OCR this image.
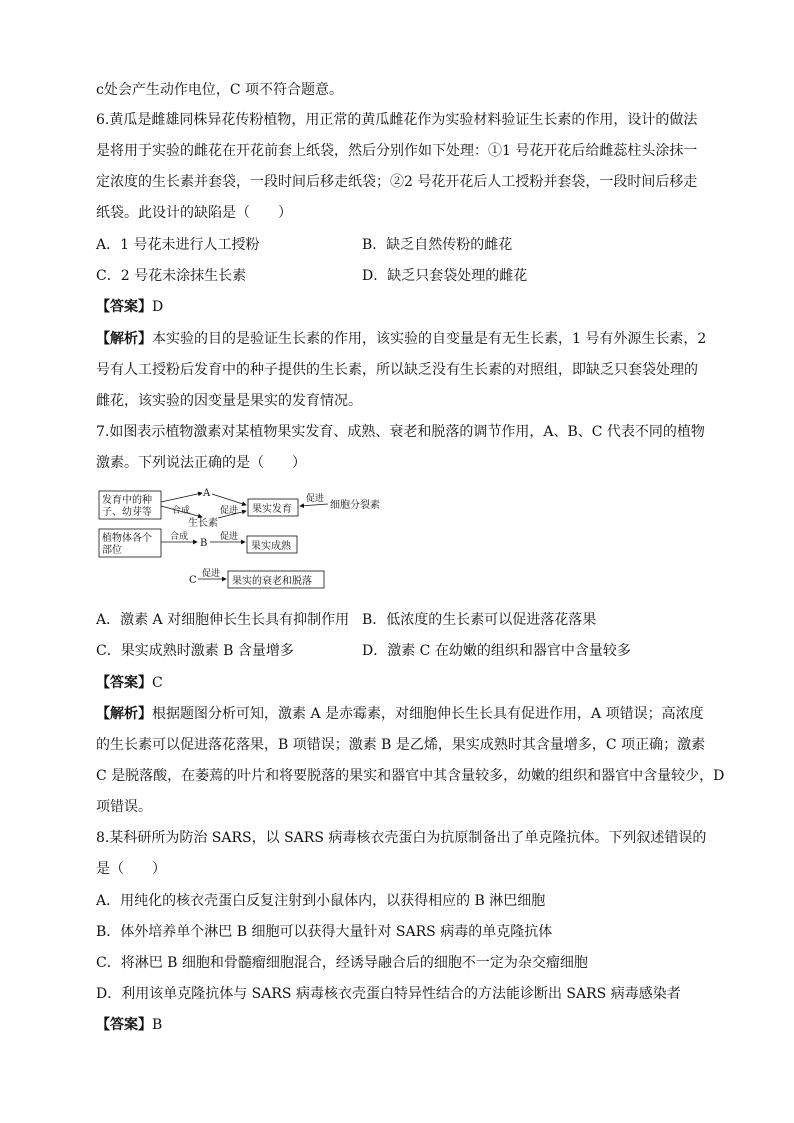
c处会产生动作电位，C 项不符合题意。
6.黄瓜是雌雄同株异花传粉植物，用正常的黄瓜雌花作为实验材料验证生长素的作用，设计的做法
是将用于实验的雌花在开花前套上纸袋，然后分别作如下处理：①1 号花开花后给雌蕊柱头涂抹一
定浓度的生长素并套袋，一段时间后移走纸袋；②2 号花开花后人工授粉并套袋，一段时间后移走
纸袋。此设计的缺陷是（　　）
A．1 号花未进行人工授粉	B．缺乏自然传粉的雌花
C．2 号花未涂抹生长素	D．缺乏只套袋处理的雌花
【答案】D
【解析】本实验的目的是验证生长素的作用，该实验的自变量是有无生长素，1 号有外源生长素，2
号有人工授粉后发育中的种子提供的生长素，所以缺乏没有生长素的对照组，即缺乏只套袋处理的
雌花，该实验的因变量是果实的发育情况。
7.如图表示植物激素对某植物果实发育、成熟、衰老和脱落的调节作用，A、B、C 代表不同的植物
激素。下列说法正确的是（　　）
发育中的种
子、幼芽等
植物体各个
部位
A
生长素
合成	促进 果实发育
促进
细胞分裂素
合成
B
促进
果实成熟
C
促进
果实的衰老和脱落
A．激素 A 对细胞伸长生长具有抑制作用 B．低浓度的生长素可以促进落花落果
C．果实成熟时激素 B 含量增多	D．激素 C 在幼嫩的组织和器官中含量较多
【答案】C
【解析】根据题图分析可知，激素 A 是赤霉素，对细胞伸长生长具有促进作用，A 项错误；高浓度
的生长素可以促进落花落果，B 项错误；激素 B 是乙烯，果实成熟时其含量增多，C 项正确；激素
C 是脱落酸，在萎蔫的叶片和将要脱落的果实和器官中其含量较多，幼嫩的组织和器官中含量较少，D
项错误。
8.某科研所为防治 SARS，以 SARS 病毒核衣壳蛋白为抗原制备出了单克隆抗体。下列叙述错误的
是（　　）
A．用纯化的核衣壳蛋白反复注射到小鼠体内，以获得相应的 B 淋巴细胞
B．体外培养单个淋巴 B 细胞可以获得大量针对 SARS 病毒的单克隆抗体
C．将淋巴 B 细胞和骨髓瘤细胞混合，经诱导融合后的细胞不一定为杂交瘤细胞
D．利用该单克隆抗体与 SARS 病毒核衣壳蛋白特异性结合的方法能诊断出 SARS 病毒感染者
【答案】B
